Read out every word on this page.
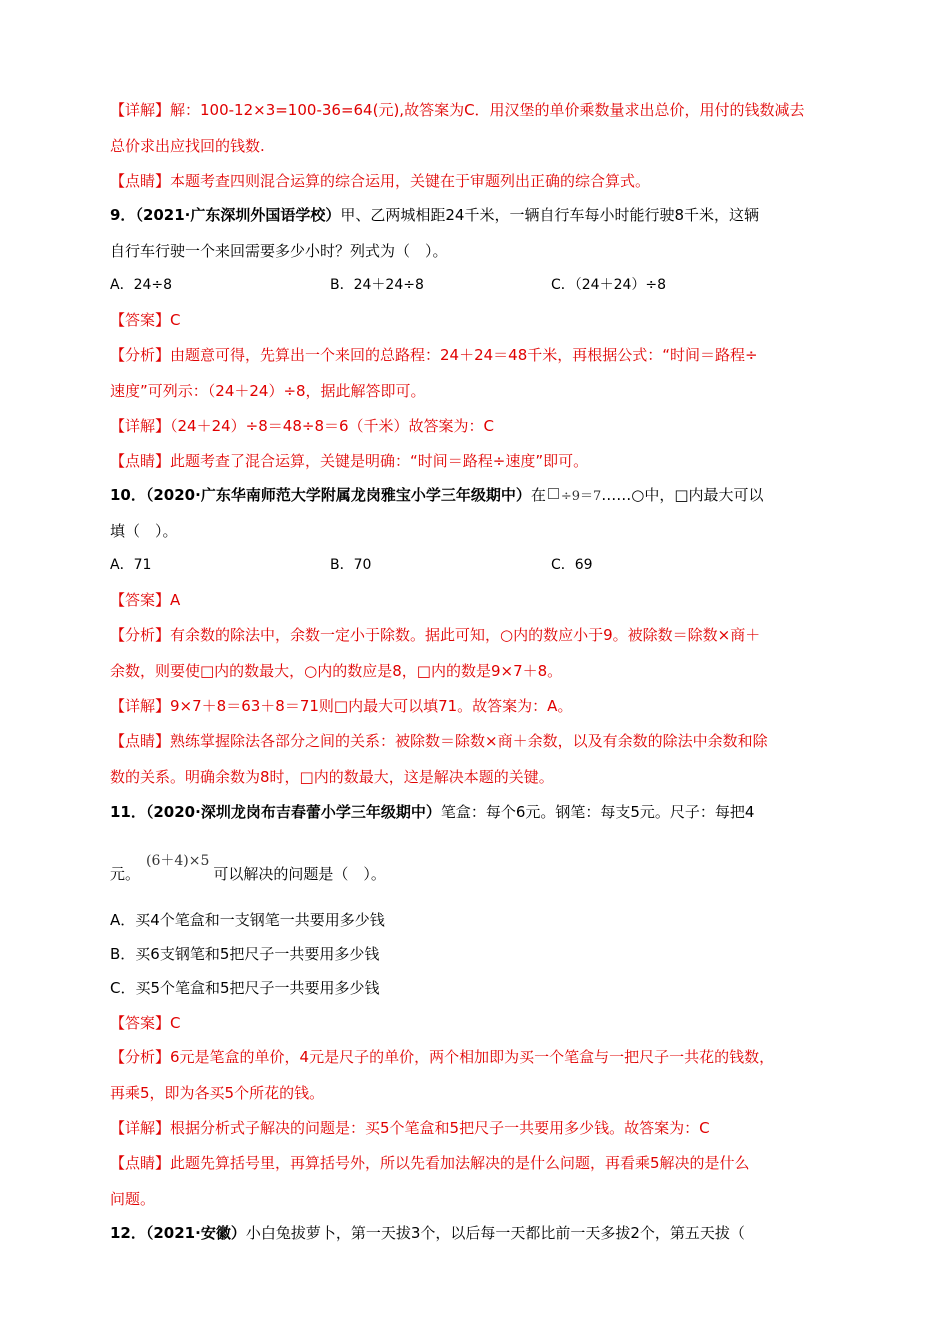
【详解】解：100-12×3=100-36=64(元),故答案为C．用汉堡的单价乘数量求出总价，用付的钱数减去
总价求出应找回的钱数.
【点睛】本题考查四则混合运算的综合运用，关键在于审题列出正确的综合算式。
9．（2021·广东深圳外国语学校）甲、乙两城相距24千米，一辆自行车每小时能行驶8千米，这辆
自行车行驶一个来回需要多少小时？列式为（　）。
A．24÷8	B．24＋24÷8	C．（24＋24）÷8
【答案】C
【分析】由题意可得，先算出一个来回的总路程：24＋24＝48千米，再根据公式：“时间＝路程÷
速度”可列示：（24＋24）÷8，据此解答即可。
【详解】（24＋24）÷8＝48÷8＝6（千米）故答案为：C
【点睛】此题考查了混合运算，关键是明确：“时间＝路程÷速度”即可。
10．（2020·广东华南师范大学附属龙岗雅宝小学三年级期中）在 ÷9＝7……○中，□内最大可以
填（　）。
A．71	B．70	C．69
【答案】A
【分析】有余数的除法中，余数一定小于除数。据此可知，○内的数应小于9。被除数＝除数×商＋
余数，则要使□内的数最大，○内的数应是8，□内的数是9×7＋8。
【详解】9×7＋8＝63＋8＝71则□内最大可以填71。故答案为：A。
【点睛】熟练掌握除法各部分之间的关系：被除数＝除数×商＋余数，以及有余数的除法中余数和除
数的关系。明确余数为8时，□内的数最大，这是解决本题的关键。
11．（2020·深圳龙岗布吉春蕾小学三年级期中）笔盒：每个6元。钢笔：每支5元。尺子：每把4
元。(6＋4)×5可以解决的问题是（　）。
A．买4个笔盒和一支钢笔一共要用多少钱
B．买6支钢笔和5把尺子一共要用多少钱
C．买5个笔盒和5把尺子一共要用多少钱
【答案】C
【分析】6元是笔盒的单价，4元是尺子的单价，两个相加即为买一个笔盒与一把尺子一共花的钱数，
再乘5，即为各买5个所花的钱。
【详解】根据分析式子解决的问题是：买5个笔盒和5把尺子一共要用多少钱。故答案为：C
【点睛】此题先算括号里，再算括号外，所以先看加法解决的是什么问题，再看乘5解决的是什么
问题。
12．（2021·安徽）小白兔拔萝卜，第一天拔3个，以后每一天都比前一天多拔2个，第五天拔（
